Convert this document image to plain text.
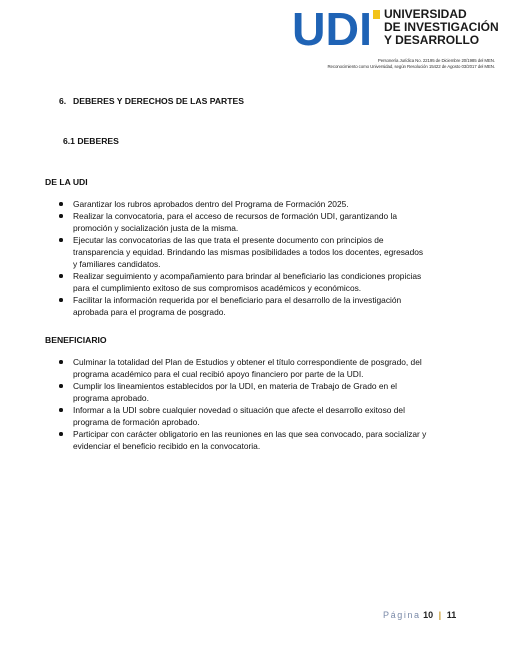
UDI UNIVERSIDAD
DE INVESTIGACIÓN
Y DESARROLLO
Personería Jurídica No. 22195 de Diciembre 20/1985 del MEN.
Reconocimiento como Universidad, según Resolución 15422 de Agosto 03/2017 del MEN.
6. DEBERES Y DERECHOS DE LAS PARTES
6.1 DEBERES
DE LA UDI
Garantizar los rubros aprobados dentro del Programa de Formación 2025.
Realizar la convocatoria, para el acceso de recursos de formación UDI, garantizando la
promoción y socialización justa de la misma.
Ejecutar las convocatorias de las que trata el presente documento con principios de
transparencia y equidad. Brindando las mismas posibilidades a todos los docentes, egresados
y familiares candidatos.
Realizar seguimiento y acompañamiento para brindar al beneficiario las condiciones propicias
para el cumplimiento exitoso de sus compromisos académicos y económicos.
Facilitar la información requerida por el beneficiario para el desarrollo de la investigación
aprobada para el programa de posgrado.
BENEFICIARIO
Culminar la totalidad del Plan de Estudios y obtener el título correspondiente de posgrado, del
programa académico para el cual recibió apoyo financiero por parte de la UDI.
Cumplir los lineamientos establecidos por la UDI, en materia de Trabajo de Grado en el
programa aprobado.
Informar a la UDI sobre cualquier novedad o situación que afecte el desarrollo exitoso del
programa de formación aprobado.
Participar con carácter obligatorio en las reuniones en las que sea convocado, para socializar y
evidenciar el beneficio recibido en la convocatoria.
Página 10 | 11
